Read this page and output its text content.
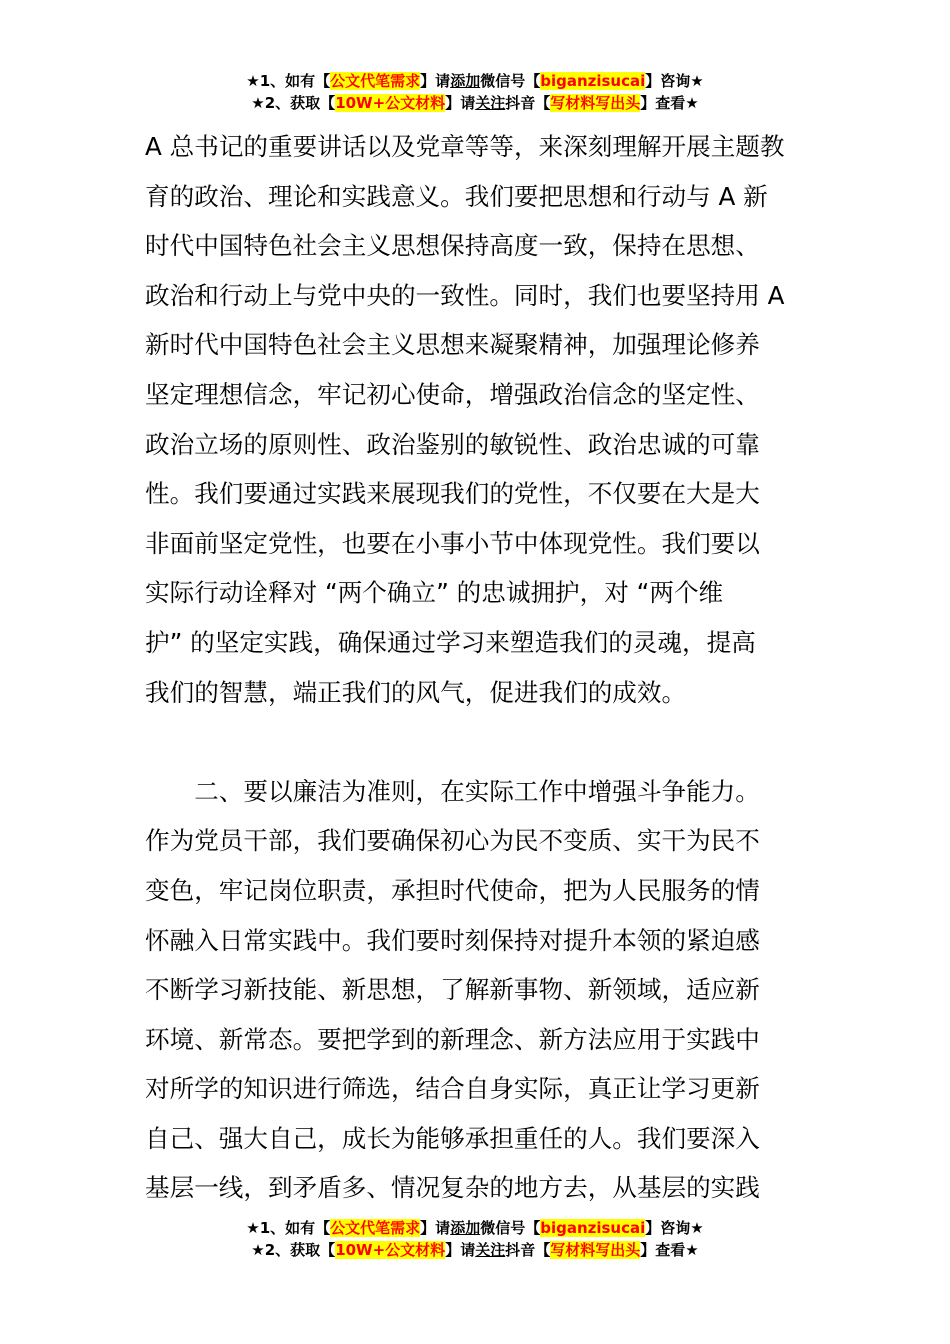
★1、如有【公文代笔需求】请添加微信号【biganzisucai】咨询★
★2、获取【10W+公文材料】请关注抖音【写材料写出头】查看★
A 总书记的重要讲话以及党章等等，来深刻理解开展主题教
育的政治、理论和实践意义。我们要把思想和行动与 A 新
时代中国特色社会主义思想保持高度一致，保持在思想、
政治和行动上与党中央的一致性。同时，我们也要坚持用 A
新时代中国特色社会主义思想来凝聚精神，加强理论修养
坚定理想信念，牢记初心使命，增强政治信念的坚定性、
政治立场的原则性、政治鉴别的敏锐性、政治忠诚的可靠
性。我们要通过实践来展现我们的党性，不仅要在大是大
非面前坚定党性，也要在小事小节中体现党性。我们要以
实际行动诠释对 “两个确立” 的忠诚拥护，对 “两个维
护” 的坚定实践，确保通过学习来塑造我们的灵魂，提高
我们的智慧，端正我们的风气，促进我们的成效。
　　二、要以廉洁为准则，在实际工作中增强斗争能力。
作为党员干部，我们要确保初心为民不变质、实干为民不
变色，牢记岗位职责，承担时代使命，把为人民服务的情
怀融入日常实践中。我们要时刻保持对提升本领的紧迫感
不断学习新技能、新思想，了解新事物、新领域，适应新
环境、新常态。要把学到的新理念、新方法应用于实践中
对所学的知识进行筛选，结合自身实际，真正让学习更新
自己、强大自己，成长为能够承担重任的人。我们要深入
基层一线，到矛盾多、情况复杂的地方去，从基层的实践
★1、如有【公文代笔需求】请添加微信号【biganzisucai】咨询★
★2、获取【10W+公文材料】请关注抖音【写材料写出头】查看★
